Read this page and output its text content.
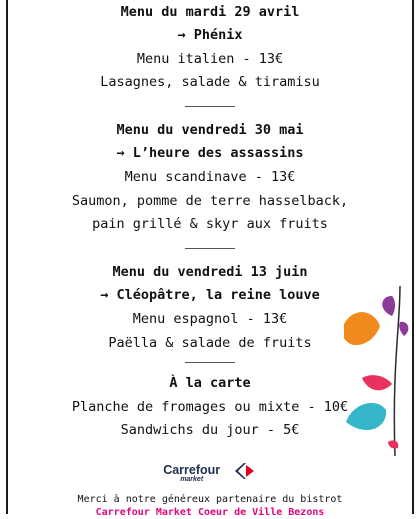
Menu du mardi 29 avril
→ Phénix
Menu italien - 13€
Lasagnes, salade & tiramisu
Menu du vendredi 30 mai
→ L’heure des assassins
Menu scandinave - 13€
Saumon, pomme de terre hasselback,
pain grillé & skyr aux fruits
Menu du vendredi 13 juin
→ Cléopâtre, la reine louve
Menu espagnol - 13€
Paëlla & salade de fruits
À la carte
Planche de fromages ou mixte - 10€
Sandwichs du jour - 5€
Carrefour
market

Merci à notre généreux partenaire du bistrot
Carrefour Market Coeur de Ville Bezons
